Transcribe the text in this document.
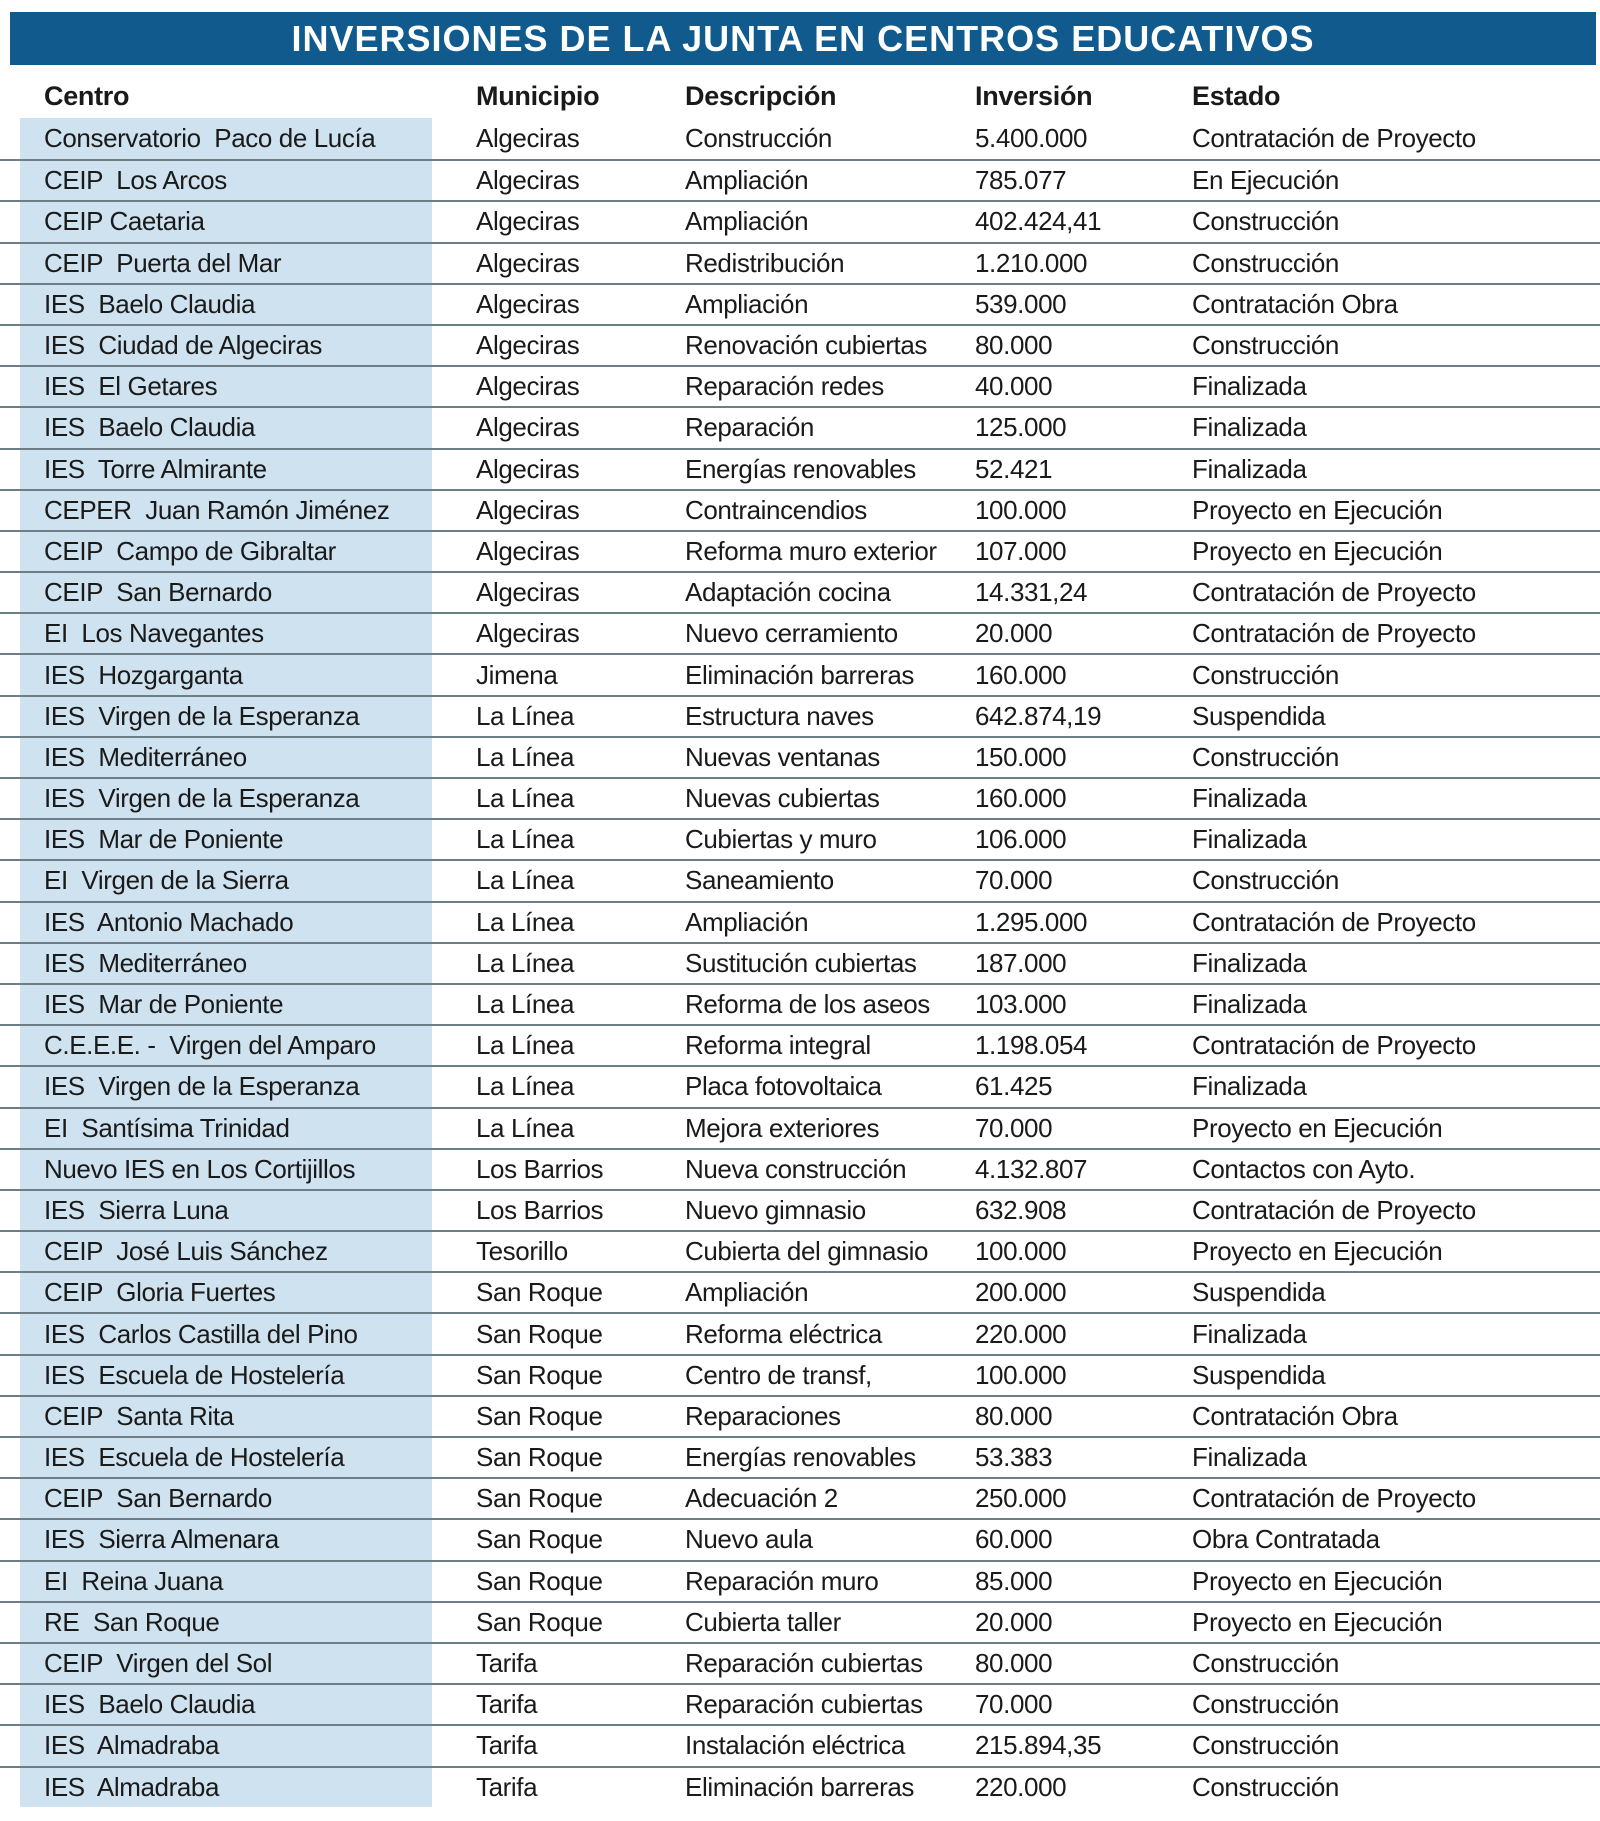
INVERSIONES DE LA JUNTA EN CENTROS EDUCATIVOS
Centro	Municipio	Descripción	Inversión	Estado
Conservatorio  Paco de Lucía	Algeciras	Construcción	5.400.000	Contratación de Proyecto
CEIP  Los Arcos	Algeciras	Ampliación	785.077	En Ejecución
CEIP Caetaria	Algeciras	Ampliación	402.424,41	Construcción
CEIP  Puerta del Mar	Algeciras	Redistribución	1.210.000	Construcción
IES  Baelo Claudia	Algeciras	Ampliación	539.000	Contratación Obra
IES  Ciudad de Algeciras	Algeciras	Renovación cubiertas	80.000	Construcción
IES  El Getares	Algeciras	Reparación redes	40.000	Finalizada
IES  Baelo Claudia	Algeciras	Reparación	125.000	Finalizada
IES  Torre Almirante	Algeciras	Energías renovables	52.421	Finalizada
CEPER  Juan Ramón Jiménez	Algeciras	Contraincendios	100.000	Proyecto en Ejecución
CEIP  Campo de Gibraltar	Algeciras	Reforma muro exterior	107.000	Proyecto en Ejecución
CEIP  San Bernardo	Algeciras	Adaptación cocina	14.331,24	Contratación de Proyecto
EI  Los Navegantes	Algeciras	Nuevo cerramiento	20.000	Contratación de Proyecto
IES  Hozgarganta	Jimena	Eliminación barreras	160.000	Construcción
IES  Virgen de la Esperanza	La Línea	Estructura naves	642.874,19	Suspendida
IES  Mediterráneo	La Línea	Nuevas ventanas	150.000	Construcción
IES  Virgen de la Esperanza	La Línea	Nuevas cubiertas	160.000	Finalizada
IES  Mar de Poniente	La Línea	Cubiertas y muro	106.000	Finalizada
EI  Virgen de la Sierra	La Línea	Saneamiento	70.000	Construcción
IES  Antonio Machado	La Línea	Ampliación	1.295.000	Contratación de Proyecto
IES  Mediterráneo	La Línea	Sustitución cubiertas	187.000	Finalizada
IES  Mar de Poniente	La Línea	Reforma de los aseos	103.000	Finalizada
C.E.E.E. -  Virgen del Amparo	La Línea	Reforma integral	1.198.054	Contratación de Proyecto
IES  Virgen de la Esperanza	La Línea	Placa fotovoltaica	61.425	Finalizada
EI  Santísima Trinidad	La Línea	Mejora exteriores	70.000	Proyecto en Ejecución
Nuevo IES en Los Cortijillos	Los Barrios	Nueva construcción	4.132.807	Contactos con Ayto.
IES  Sierra Luna	Los Barrios	Nuevo gimnasio	632.908	Contratación de Proyecto
CEIP  José Luis Sánchez	Tesorillo	Cubierta del gimnasio	100.000	Proyecto en Ejecución
CEIP  Gloria Fuertes	San Roque	Ampliación	200.000	Suspendida
IES  Carlos Castilla del Pino	San Roque	Reforma eléctrica	220.000	Finalizada
IES  Escuela de Hostelería	San Roque	Centro de transf,	100.000	Suspendida
CEIP  Santa Rita	San Roque	Reparaciones	80.000	Contratación Obra
IES  Escuela de Hostelería	San Roque	Energías renovables	53.383	Finalizada
CEIP  San Bernardo	San Roque	Adecuación 2	250.000	Contratación de Proyecto
IES  Sierra Almenara	San Roque	Nuevo aula	60.000	Obra Contratada
EI  Reina Juana	San Roque	Reparación muro	85.000	Proyecto en Ejecución
RE  San Roque	San Roque	Cubierta taller	20.000	Proyecto en Ejecución
CEIP  Virgen del Sol	Tarifa	Reparación cubiertas	80.000	Construcción
IES  Baelo Claudia	Tarifa	Reparación cubiertas	70.000	Construcción
IES  Almadraba	Tarifa	Instalación eléctrica	215.894,35	Construcción
IES  Almadraba	Tarifa	Eliminación barreras	220.000	Construcción
